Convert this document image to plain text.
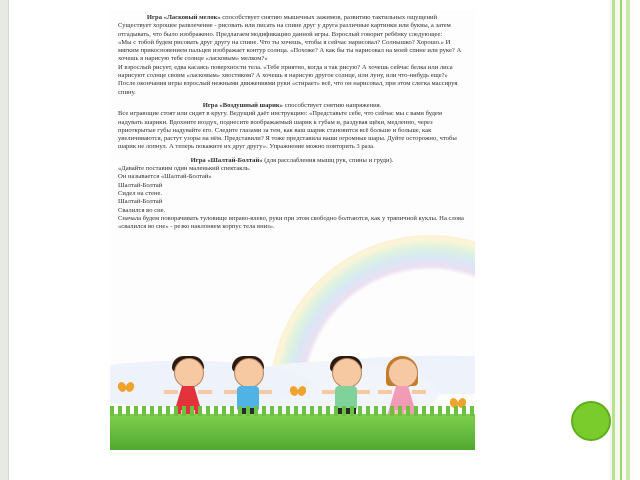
Игра «Ласковый мелок» способствует снятию мышечных зажимов, развитию тактильных ощущений

Существует хорошее развлечение - рисовать или писать на спине друг у друга различные картинки или буквы, а затем отгадывать, что было изображено. Предлагаем модификацию данной игры. Взрослый говорит ребёнку следующее:

«Мы с тобой будем рисовать друг другу на спине. Что ты хочешь, чтобы я сейчас нарисовал? Солнышко? Хорошо.» И мягким прикосновением пальцев изображает контур солнца. «Похоже? А как бы ты нарисовал на моей спине или руке? А хочешь я нарисую тебе солнце «ласковым» мелком?»

И взрослый рисует, едва касаясь поверхности тела. «Тебе приятно, когда я так рисую? А хочешь сейчас белка или лиса нарисуют солнце своим «ласковым» хвостиком? А хочешь я нарисую другое солнце, или луну, или что-нибудь еще?» После окончания игры взрослый нежными движениями руки «стирает» всё, что он нарисовал, при этом слегка массируя спину.

Игра «Воздушный шарик» способствует снятию напряжения.

Все играющие стоят или сидят в кругу. Ведущий даёт инструкцию: «Представьте себе, что сейчас мы с вами будем надувать шарики. Вдохните воздух, поднесите воображаемый шарик к губам и, раздувая щёки, медленно, через приоткрытые губы надувайте его. Следите глазами за тем, как ваш шарик становится всё больше и больше, как увеличиваются, растут узоры на нём. Представили? Я тоже представила ваши огромные шары. Дуйте осторожно, чтобы шарик не лопнул. А теперь покажите их друг другу». Упражнение можно повторить 3 раза.

Игра «Шалтай-Болтай» (для расслабления мышц рук, спины и груди).

«Давайте поставим один маленький спектакль.

Он называется «Шалтай-Болтай»

Шалтай-Болтай

Сидел на стене.

Шалтай-Болтай

Свалился во сне.

Сначала будем поворачивать туловище вправо-влево, руки при этом свободно болтаются, как у тряпичной куклы. На слова «свалился во сне» - резко наклоняем корпус тела вниз».
